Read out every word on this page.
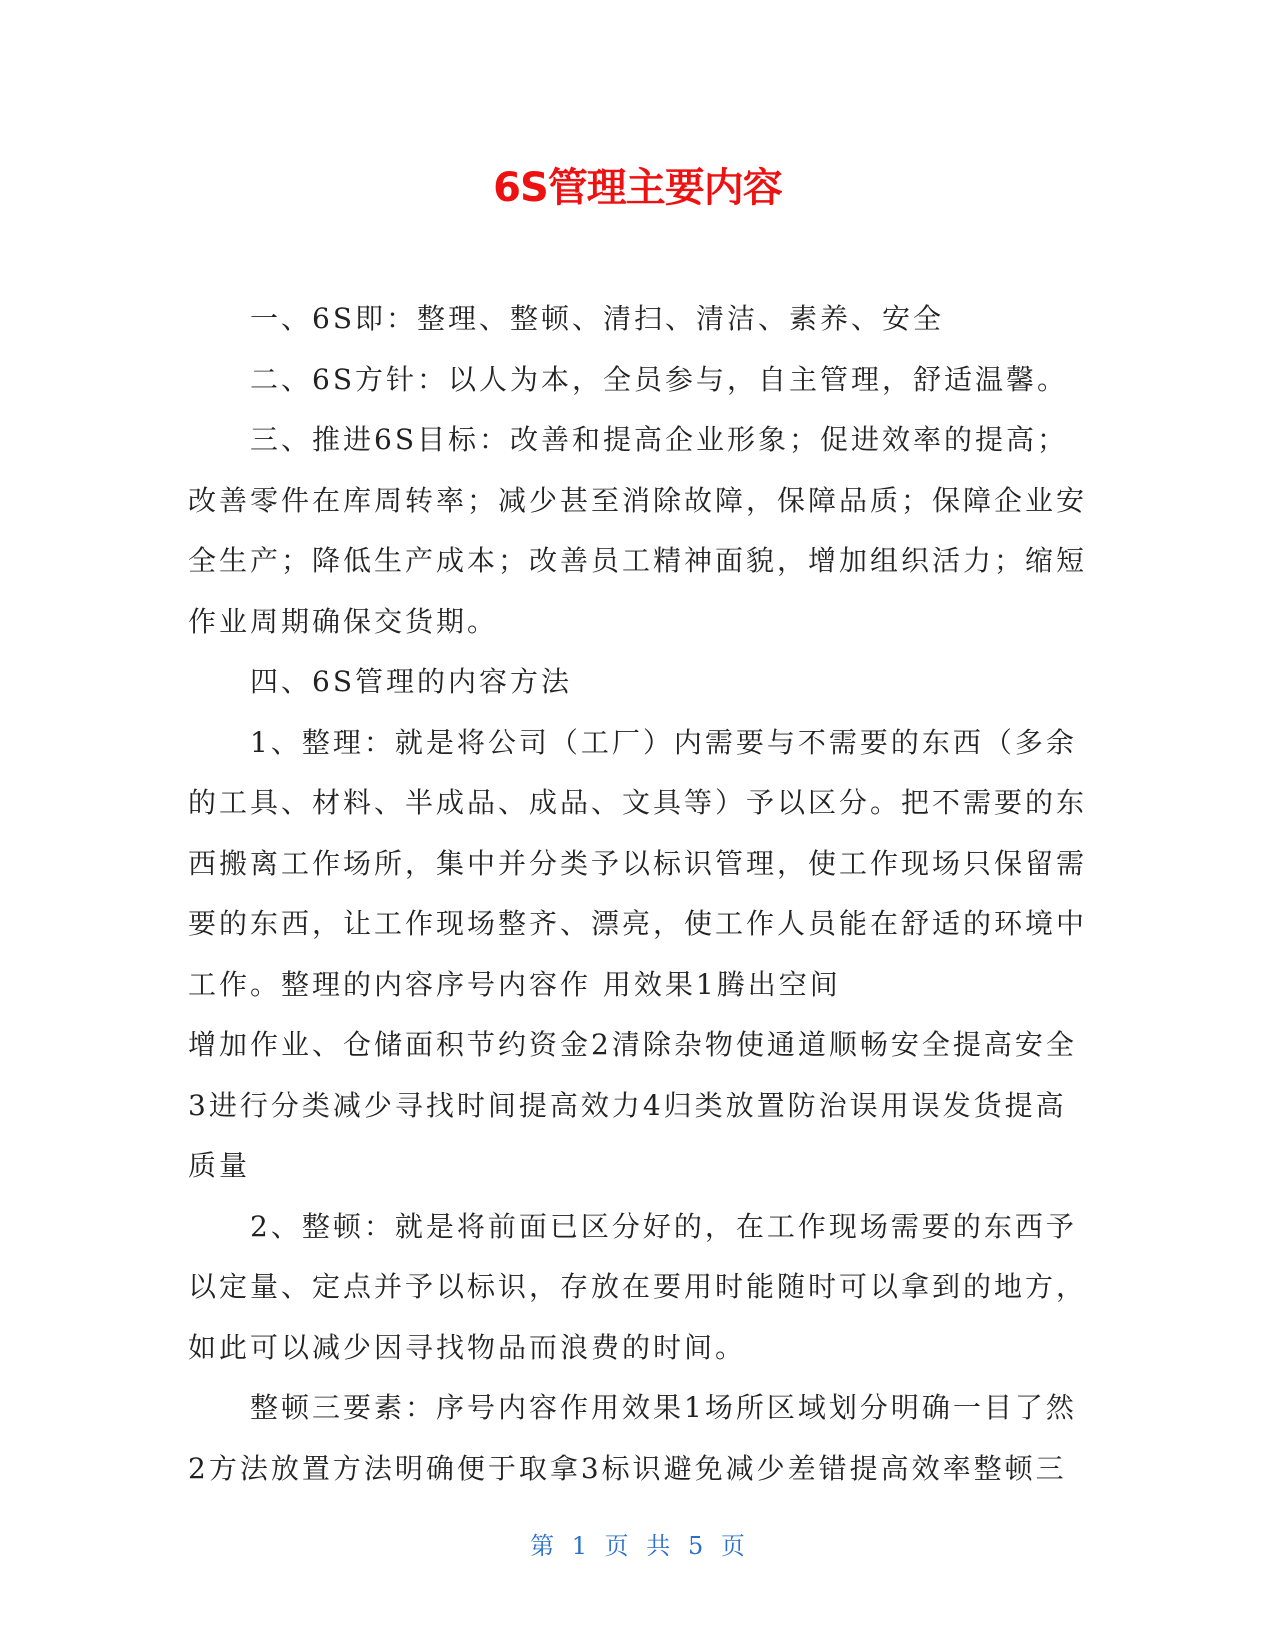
6S管理主要内容

一、6S即：整理、整顿、清扫、清洁、素养、安全

二、6S方针：以人为本，全员参与，自主管理，舒适温馨。

三、推进6S目标：改善和提高企业形象；促进效率的提高；改善零件在库周转率；减少甚至消除故障，保障品质；保障企业安全生产；降低生产成本；改善员工精神面貌，增加组织活力；缩短作业周期确保交货期。

四、6S管理的内容方法

1、整理：就是将公司（工厂）内需要与不需要的东西（多余的工具、材料、半成品、成品、文具等）予以区分。把不需要的东西搬离工作场所，集中并分类予以标识管理，使工作现场只保留需要的东西，让工作现场整齐、漂亮，使工作人员能在舒适的环境中工作。整理的内容序号内容作 用效果1腾出空间

增加作业、仓储面积节约资金2清除杂物使通道顺畅安全提高安全3进行分类减少寻找时间提高效力4归类放置防治误用误发货提高质量

2、整顿：就是将前面已区分好的，在工作现场需要的东西予以定量、定点并予以标识，存放在要用时能随时可以拿到的地方，如此可以减少因寻找物品而浪费的时间。

整顿三要素：序号内容作用效果1场所区域划分明确一目了然2方法放置方法明确便于取拿3标识避免减少差错提高效率整顿三

第 1 页 共 5 页
